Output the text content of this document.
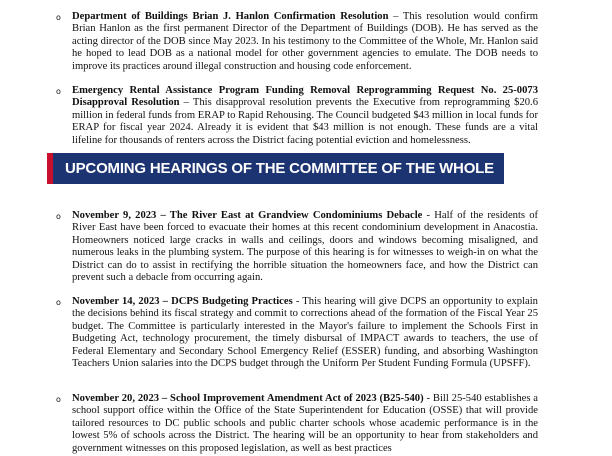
o Department of Buildings Brian J. Hanlon Confirmation Resolution – This resolution would confirm Brian Hanlon as the first permanent Director of the Department of Buildings (DOB). He has served as the acting director of the DOB since May 2023. In his testimony to the Committee of the Whole, Mr. Hanlon said he hoped to lead DOB as a national model for other government agencies to emulate. The DOB needs to improve its practices around illegal construction and housing code enforcement.

o Emergency Rental Assistance Program Funding Removal Reprogramming Request No. 25-0073 Disapproval Resolution – This disapproval resolution prevents the Executive from reprogramming $20.6 million in federal funds from ERAP to Rapid Rehousing. The Council budgeted $43 million in local funds for ERAP for fiscal year 2024. Already it is evident that $43 million is not enough. These funds are a vital lifeline for thousands of renters across the District facing potential eviction and homelessness.

UPCOMING HEARINGS OF THE COMMITTEE OF THE WHOLE
o November 9, 2023 – The River East at Grandview Condominiums Debacle - Half of the residents of River East have been forced to evacuate their homes at this recent condominium development in Anacostia. Homeowners noticed large cracks in walls and ceilings, doors and windows becoming misaligned, and numerous leaks in the plumbing system. The purpose of this hearing is for witnesses to weigh-in on what the District can do to assist in rectifying the horrible situation the homeowners face, and how the District can prevent such a debacle from occurring again.

o November 14, 2023 – DCPS Budgeting Practices - This hearing will give DCPS an opportunity to explain the decisions behind its fiscal strategy and commit to corrections ahead of the formation of the Fiscal Year 25 budget. The Committee is particularly interested in the Mayor's failure to implement the Schools First in Budgeting Act, technology procurement, the timely disbursal of IMPACT awards to teachers, the use of Federal Elementary and Secondary School Emergency Relief (ESSER) funding, and absorbing Washington Teachers Union salaries into the DCPS budget through the Uniform Per Student Funding Formula (UPSFF).

o November 20, 2023 – School Improvement Amendment Act of 2023 (B25-540) - Bill 25-540 establishes a school support office within the Office of the State Superintendent for Education (OSSE) that will provide tailored resources to DC public schools and public charter schools whose academic performance is in the lowest 5% of schools across the District. The hearing will be an opportunity to hear from stakeholders and government witnesses on this proposed legislation, as well as best practices
